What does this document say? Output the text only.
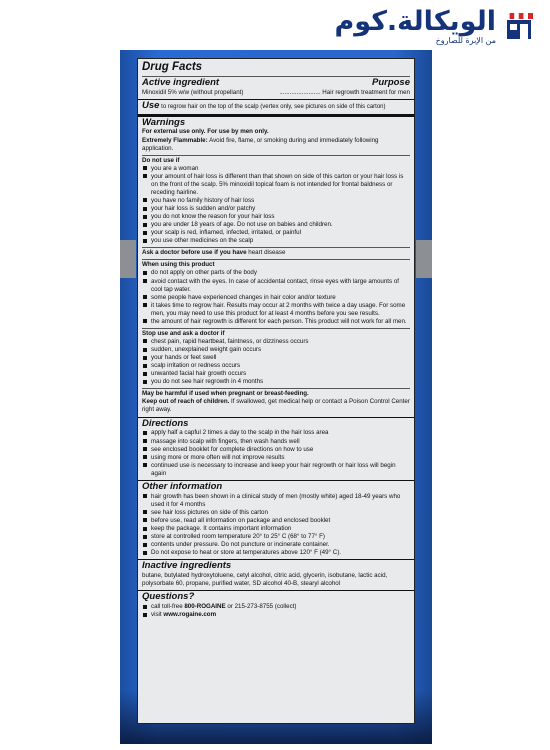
الويكالة.كوم
من الإبرة للصاروخ
Drug Facts
Active ingredient	Purpose
Minoxidil 5% w/w (without propellant)	........................ Hair regrowth treatment for men
Use to regrow hair on the top of the scalp (vertex only, see pictures on side of this carton)
Warnings
For external use only. For use by men only.
Extremely Flammable: Avoid fire, flame, or smoking during and immediately following application.
Do not use if
you are a woman
your amount of hair loss is different than that shown on side of this carton or your hair loss is on the front of the scalp. 5% minoxidil topical foam is not intended for frontal baldness or receding hairline.
you have no family history of hair loss
your hair loss is sudden and/or patchy
you do not know the reason for your hair loss
you are under 18 years of age. Do not use on babies and children.
your scalp is red, inflamed, infected, irritated, or painful
you use other medicines on the scalp
Ask a doctor before use if you have heart disease
When using this product
do not apply on other parts of the body
avoid contact with the eyes. In case of accidental contact, rinse eyes with large amounts of cool tap water.
some people have experienced changes in hair color and/or texture
it takes time to regrow hair. Results may occur at 2 months with twice a day usage. For some men, you may need to use this product for at least 4 months before you see results.
the amount of hair regrowth is different for each person. This product will not work for all men.
Stop use and ask a doctor if
chest pain, rapid heartbeat, faintness, or dizziness occurs
sudden, unexplained weight gain occurs
your hands or feet swell
scalp irritation or redness occurs
unwanted facial hair growth occurs
you do not see hair regrowth in 4 months
May be harmful if used when pregnant or breast-feeding.
Keep out of reach of children. If swallowed, get medical help or contact a Poison Control Center right away.
Directions
apply half a capful 2 times a day to the scalp in the hair loss area
massage into scalp with fingers, then wash hands well
see enclosed booklet for complete directions on how to use
using more or more often will not improve results
continued use is necessary to increase and keep your hair regrowth or hair loss will begin again
Other information
hair growth has been shown in a clinical study of men (mostly white) aged 18-49 years who used it for 4 months
see hair loss pictures on side of this carton
before use, read all information on package and enclosed booklet
keep the package. It contains important information
store at controlled room temperature 20° to 25° C (68° to 77° F)
contents under pressure. Do not puncture or incinerate container.
Do not expose to heat or store at temperatures above 120° F (49° C).
Inactive ingredients
butane, butylated hydroxytoluene, cetyl alcohol, citric acid, glycerin, isobutane, lactic acid, polysorbate 60, propane, purified water, SD alcohol 40-B, stearyl alcohol
Questions?
call toll-free 800-ROGAINE or 215-273-8755 (collect)
visit www.rogaine.com
